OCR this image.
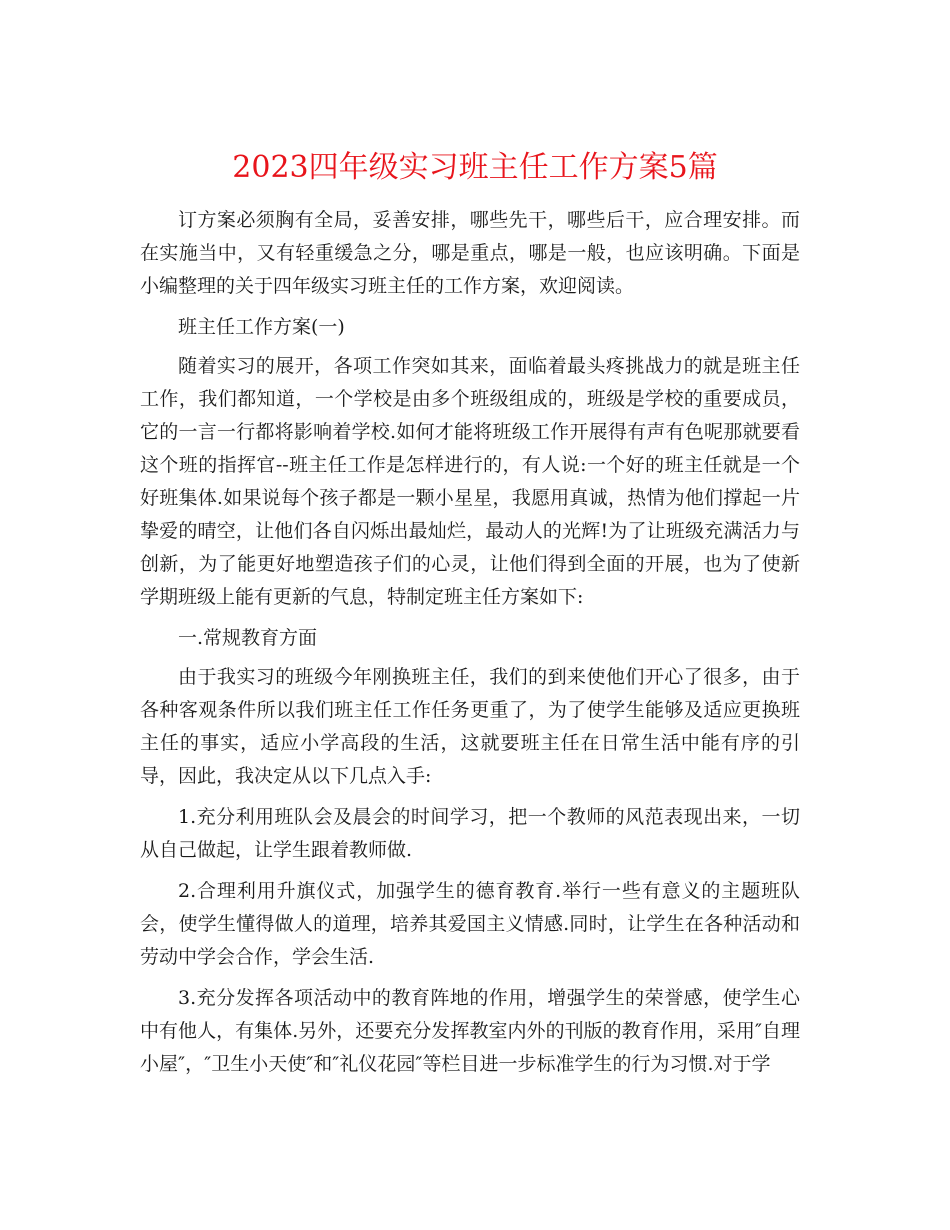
2023四年级实习班主任工作方案5篇

订方案必须胸有全局，妥善安排，哪些先干，哪些后干，应合理安排。而在实施当中，又有轻重缓急之分，哪是重点，哪是一般，也应该明确。下面是小编整理的关于四年级实习班主任的工作方案，欢迎阅读。

班主任工作方案(一)

随着实习的展开，各项工作突如其来，面临着最头疼挑战力的就是班主任工作，我们都知道，一个学校是由多个班级组成的，班级是学校的重要成员，它的一言一行都将影响着学校.如何才能将班级工作开展得有声有色呢那就要看这个班的指挥官--班主任工作是怎样进行的，有人说:一个好的班主任就是一个好班集体.如果说每个孩子都是一颗小星星，我愿用真诚，热情为他们撑起一片挚爱的晴空，让他们各自闪烁出最灿烂，最动人的光辉!为了让班级充满活力与创新，为了能更好地塑造孩子们的心灵，让他们得到全面的开展，也为了使新学期班级上能有更新的气息，特制定班主任方案如下:

一.常规教育方面

由于我实习的班级今年刚换班主任，我们的到来使他们开心了很多，由于各种客观条件所以我们班主任工作任务更重了，为了使学生能够及适应更换班主任的事实，适应小学高段的生活，这就要班主任在日常生活中能有序的引导，因此，我决定从以下几点入手:

1.充分利用班队会及晨会的时间学习，把一个教师的风范表现出来，一切从自己做起，让学生跟着教师做.

2.合理利用升旗仪式，加强学生的德育教育.举行一些有意义的主题班队会，使学生懂得做人的道理，培养其爱国主义情感.同时，让学生在各种活动和劳动中学会合作，学会生活.

3.充分发挥各项活动中的教育阵地的作用，增强学生的荣誉感，使学生心中有他人，有集体.另外，还要充分发挥教室内外的刊版的教育作用，采用″自理小屋″，″卫生小天使″和″礼仪花园″等栏目进一步标准学生的行为习惯.对于学
